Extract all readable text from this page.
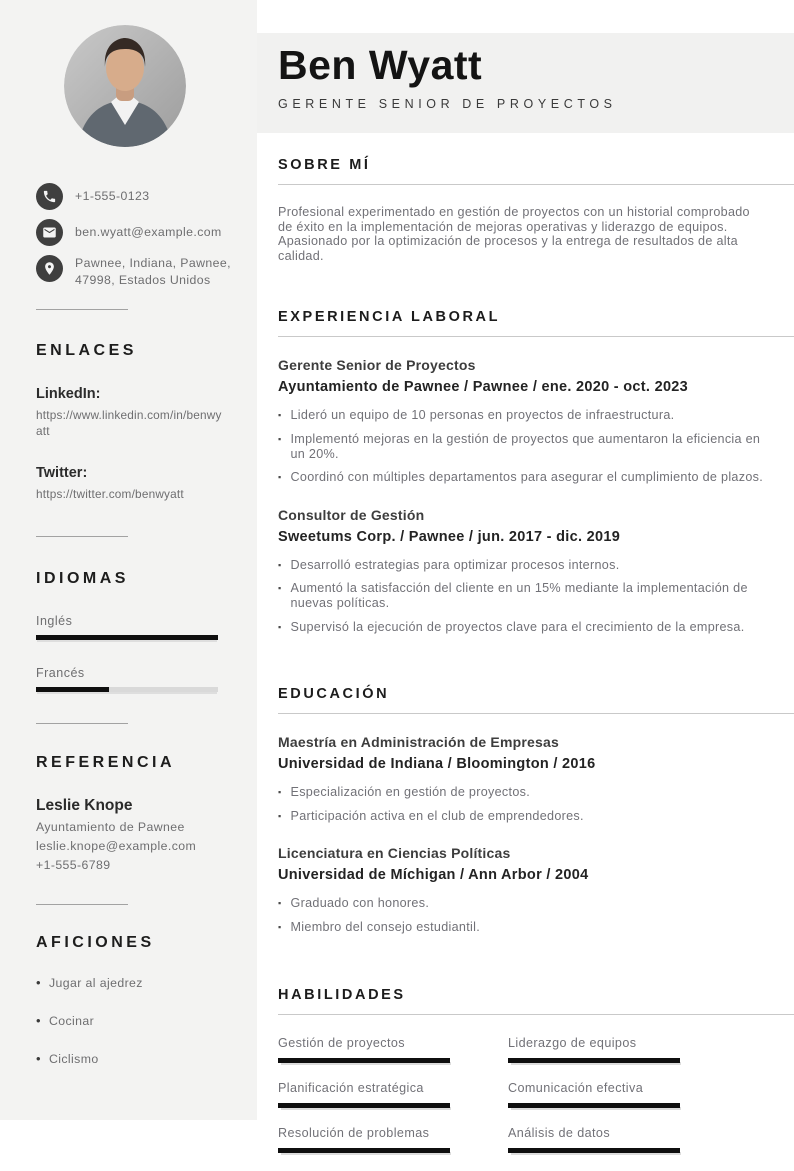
+1-555-0123
ben.wyatt@example.com
Pawnee, Indiana, Pawnee,
47998, Estados Unidos
ENLACES
LinkedIn:
https://www.linkedin.com/in/benwyatt
Twitter:
https://twitter.com/benwyatt
IDIOMAS
Inglés
Francés
REFERENCIA
Leslie Knope
Ayuntamiento de Pawnee
leslie.knope@example.com
+1-555-6789
AFICIONES
• Jugar al ajedrez
• Cocinar
• Ciclismo
Ben Wyatt
GERENTE SENIOR DE PROYECTOS
SOBRE MÍ

Profesional experimentado en gestión de proyectos con un historial comprobado de éxito en la implementación de mejoras operativas y liderazgo de equipos. Apasionado por la optimización de procesos y la entrega de resultados de alta calidad.

EXPERIENCIA LABORAL
Gerente Senior de Proyectos
Ayuntamiento de Pawnee / Pawnee / ene. 2020 - oct. 2023
▪ Lideró un equipo de 10 personas en proyectos de infraestructura.
▪ Implementó mejoras en la gestión de proyectos que aumentaron la eficiencia en un 20%.
▪ Coordinó con múltiples departamentos para asegurar el cumplimiento de plazos.
Consultor de Gestión
Sweetums Corp. / Pawnee / jun. 2017 - dic. 2019
▪ Desarrolló estrategias para optimizar procesos internos.
▪ Aumentó la satisfacción del cliente en un 15% mediante la implementación de nuevas políticas.
▪ Supervisó la ejecución de proyectos clave para el crecimiento de la empresa.
EDUCACIÓN
Maestría en Administración de Empresas
Universidad de Indiana / Bloomington / 2016
▪ Especialización en gestión de proyectos.
▪ Participación activa en el club de emprendedores.
Licenciatura en Ciencias Políticas
Universidad de Míchigan / Ann Arbor / 2004
▪ Graduado con honores.
▪ Miembro del consejo estudiantil.
HABILIDADES
Gestión de proyectos	Liderazgo de equipos
Planificación estratégica	Comunicación efectiva
Resolución de problemas	Análisis de datos
